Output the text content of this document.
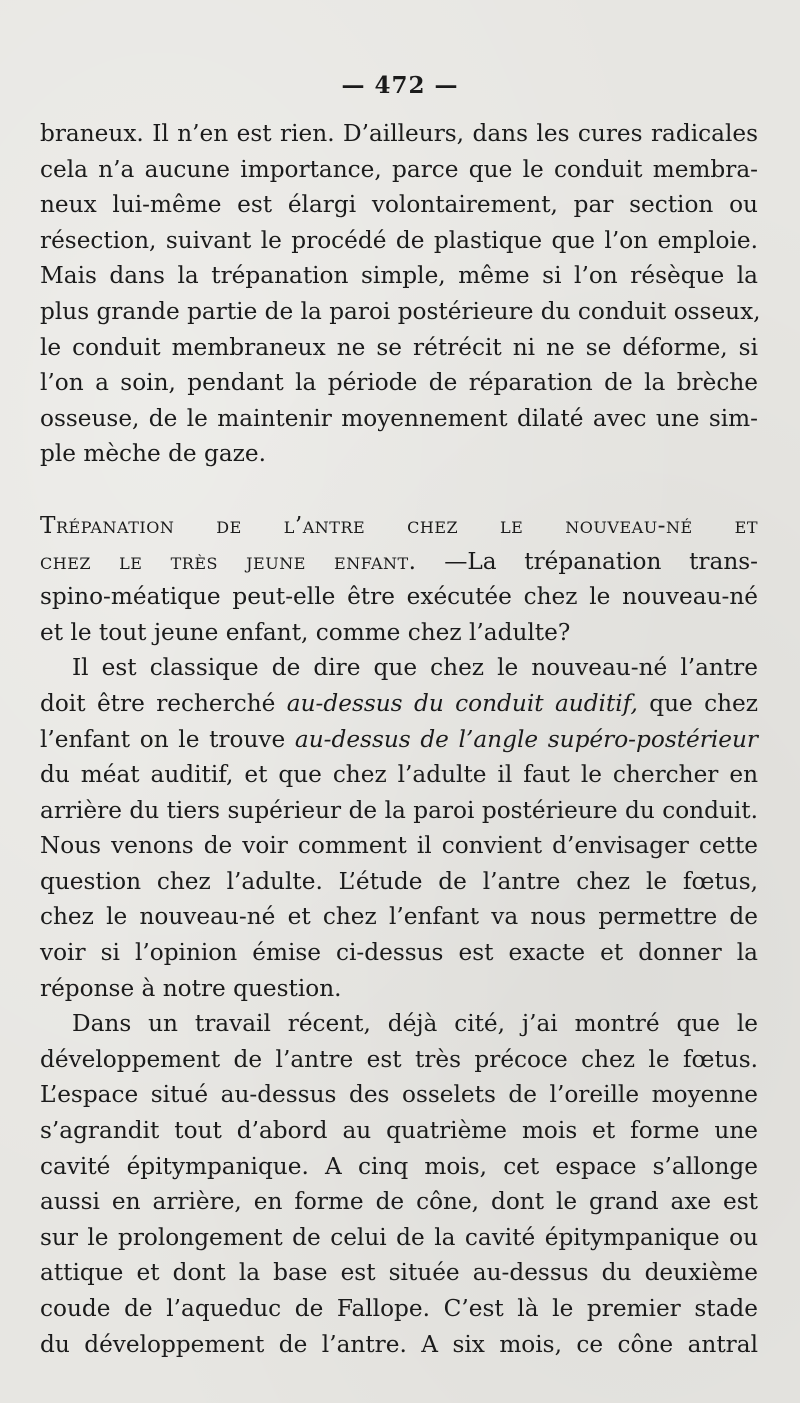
— 472 —
braneux. Il n’en est rien. D’ailleurs, dans les cures radicales
cela n’a aucune importance, parce que le conduit membra-
neux lui-même est élargi volontairement, par section ou
résection, suivant le procédé de plastique que l’on emploie.
Mais dans la trépanation simple, même si l’on résèque la
plus grande partie de la paroi postérieure du conduit osseux,
le conduit membraneux ne se rétrécit ni ne se déforme, si
l’on a soin, pendant la période de réparation de la brèche
osseuse, de le maintenir moyennement dilaté avec une sim-
ple mèche de gaze.
Trépanation de l’antre chez le nouveau-né et
chez le très jeune enfant. —La trépanation trans-
spino-méatique peut-elle être exécutée chez le nouveau-né
et le tout jeune enfant, comme chez l’adulte?
Il est classique de dire que chez le nouveau-né l’antre
doit être recherché au-dessus du conduit auditif, que chez
l’enfant on le trouve au-dessus de l’angle supéro-postérieur
du méat auditif, et que chez l’adulte il faut le chercher en
arrière du tiers supérieur de la paroi postérieure du conduit.
Nous venons de voir comment il convient d’envisager cette
question chez l’adulte. L’étude de l’antre chez le fœtus,
chez le nouveau-né et chez l’enfant va nous permettre de
voir si l’opinion émise ci-dessus est exacte et donner la
réponse à notre question.
Dans un travail récent, déjà cité, j’ai montré que le
développement de l’antre est très précoce chez le fœtus.
L’espace situé au-dessus des osselets de l’oreille moyenne
s’agrandit tout d’abord au quatrième mois et forme une
cavité épitympanique. A cinq mois, cet espace s’allonge
aussi en arrière, en forme de cône, dont le grand axe est
sur le prolongement de celui de la cavité épitympanique ou
attique et dont la base est située au-dessus du deuxième
coude de l’aqueduc de Fallope. C’est là le premier stade
du développement de l’antre. A six mois, ce cône antral
